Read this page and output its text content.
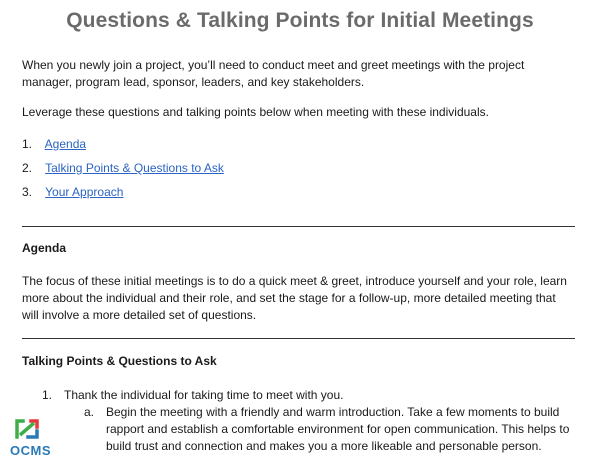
Questions & Talking Points for Initial Meetings
When you newly join a project, you’ll need to conduct meet and greet meetings with the project manager, program lead, sponsor, leaders, and key stakeholders.
Leverage these questions and talking points below when meeting with these individuals.
1. Agenda
2. Talking Points & Questions to Ask
3. Your Approach
Agenda
The focus of these initial meetings is to do a quick meet & greet, introduce yourself and your role, learn more about the individual and their role, and set the stage for a follow-up, more detailed meeting that will involve a more detailed set of questions.
Talking Points & Questions to Ask
1. Thank the individual for taking time to meet with you.
a. Begin the meeting with a friendly and warm introduction. Take a few moments to build rapport and establish a comfortable environment for open communication. This helps to build trust and connection and makes you a more likeable and personable person.
OCMS
